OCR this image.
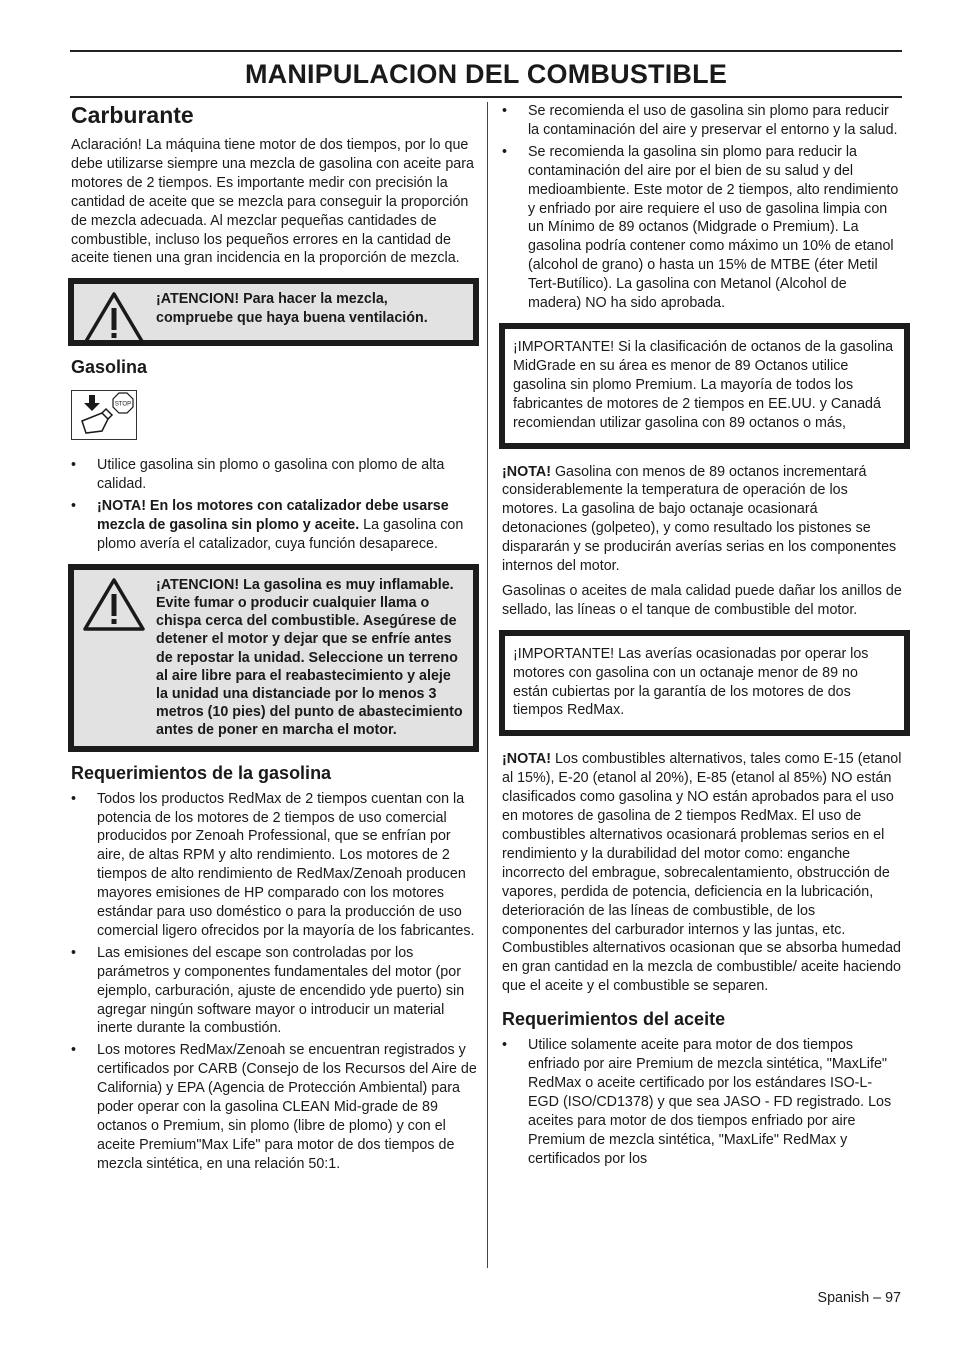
MANIPULACION DEL COMBUSTIBLE
Carburante

Aclaración! La máquina tiene motor de dos tiempos, por lo que debe utilizarse siempre una mezcla de gasolina con aceite para motores de 2 tiempos. Es importante medir con precisión la cantidad de aceite que se mezcla para conseguir la proporción de mezcla adecuada. Al mezclar pequeñas cantidades de combustible, incluso los pequeños errores en la cantidad de aceite tienen una gran incidencia en la proporción de mezcla.

¡ATENCION! Para hacer la mezcla, compruebe que haya buena ventilación.
Gasolina
STOP
• Utilice gasolina sin plomo o gasolina con plomo de alta calidad.
• ¡NOTA! En los motores con catalizador debe usarse mezcla de gasolina sin plomo y aceite. La gasolina con plomo avería el catalizador, cuya función desaparece.
¡ATENCION! La gasolina es muy inflamable. Evite fumar o producir cualquier llama o chispa cerca del combustible. Asegúrese de detener el motor y dejar que se enfríe antes de repostar la unidad. Seleccione un terreno al aire libre para el reabastecimiento y aleje la unidad una distanciade por lo menos 3 metros (10 pies) del punto de abastecimiento antes de poner en marcha el motor.
Requerimientos de la gasolina
• Todos los productos RedMax de 2 tiempos cuentan con la potencia de los motores de 2 tiempos de uso comercial producidos por Zenoah Professional, que se enfrían por aire, de altas RPM y alto rendimiento. Los motores de 2 tiempos de alto rendimiento de RedMax/Zenoah producen mayores emisiones de HP comparado con los motores estándar para uso doméstico o para la producción de uso comercial ligero ofrecidos por la mayoría de los fabricantes.
• Las emisiones del escape son controladas por los parámetros y componentes fundamentales del motor (por ejemplo, carburación, ajuste de encendido yde puerto) sin agregar ningún software mayor o introducir un material inerte durante la combustión.
• Los motores RedMax/Zenoah se encuentran registrados y certificados por CARB (Consejo de los Recursos del Aire de California) y EPA (Agencia de Protección Ambiental) para poder operar con la gasolina CLEAN Mid-grade de 89 octanos o Premium, sin plomo (libre de plomo) y con el aceite Premium"Max Life" para motor de dos tiempos de mezcla sintética, en una relación 50:1.
• Se recomienda el uso de gasolina sin plomo para reducir la contaminación del aire y preservar el entorno y la salud.
• Se recomienda la gasolina sin plomo para reducir la contaminación del aire por el bien de su salud y del medioambiente. Este motor de 2 tiempos, alto rendimiento y enfriado por aire requiere el uso de gasolina limpia con un Mínimo de 89 octanos (Midgrade o Premium). La gasolina podría contener como máximo un 10% de etanol (alcohol de grano) o hasta un 15% de MTBE (éter Metil Tert-Butílico). La gasolina con Metanol (Alcohol de madera) NO ha sido aprobada.
¡IMPORTANTE! Si la clasificación de octanos de la gasolina MidGrade en su área es menor de 89 Octanos utilice gasolina sin plomo Premium. La mayoría de todos los fabricantes de motores de 2 tiempos en EE.UU. y Canadá recomiendan utilizar gasolina con 89 octanos o más,

¡NOTA! Gasolina con menos de 89 octanos incrementará considerablemente la temperatura de operación de los motores. La gasolina de bajo octanaje ocasionará detonaciones (golpeteo), y como resultado los pistones se dispararán y se producirán averías serias en los componentes internos del motor.

Gasolinas o aceites de mala calidad puede dañar los anillos de sellado, las líneas o el tanque de combustible del motor.

¡IMPORTANTE! Las averías ocasionadas por operar los motores con gasolina con un octanaje menor de 89 no están cubiertas por la garantía de los motores de dos tiempos RedMax.

¡NOTA! Los combustibles alternativos, tales como E-15 (etanol al 15%), E-20 (etanol al 20%), E-85 (etanol al 85%) NO están clasificados como gasolina y NO están aprobados para el uso en motores de gasolina de 2 tiempos RedMax. El uso de combustibles alternativos ocasionará problemas serios en el rendimiento y la durabilidad del motor como: enganche incorrecto del embrague, sobrecalentamiento, obstrucción de vapores, perdida de potencia, deficiencia en la lubricación, deterioración de las líneas de combustible, de los componentes del carburador internos y las juntas, etc. Combustibles alternativos ocasionan que se absorba humedad en gran cantidad en la mezcla de combustible/ aceite haciendo que el aceite y el combustible se separen.

Requerimientos del aceite
• Utilice solamente aceite para motor de dos tiempos enfriado por aire Premium de mezcla sintética, "MaxLife" RedMax o aceite certificado por los estándares ISO-L-EGD (ISO/CD1378) y que sea JASO - FD registrado. Los aceites para motor de dos tiempos enfriado por aire Premium de mezcla sintética, "MaxLife" RedMax y certificados por los
Spanish – 97
